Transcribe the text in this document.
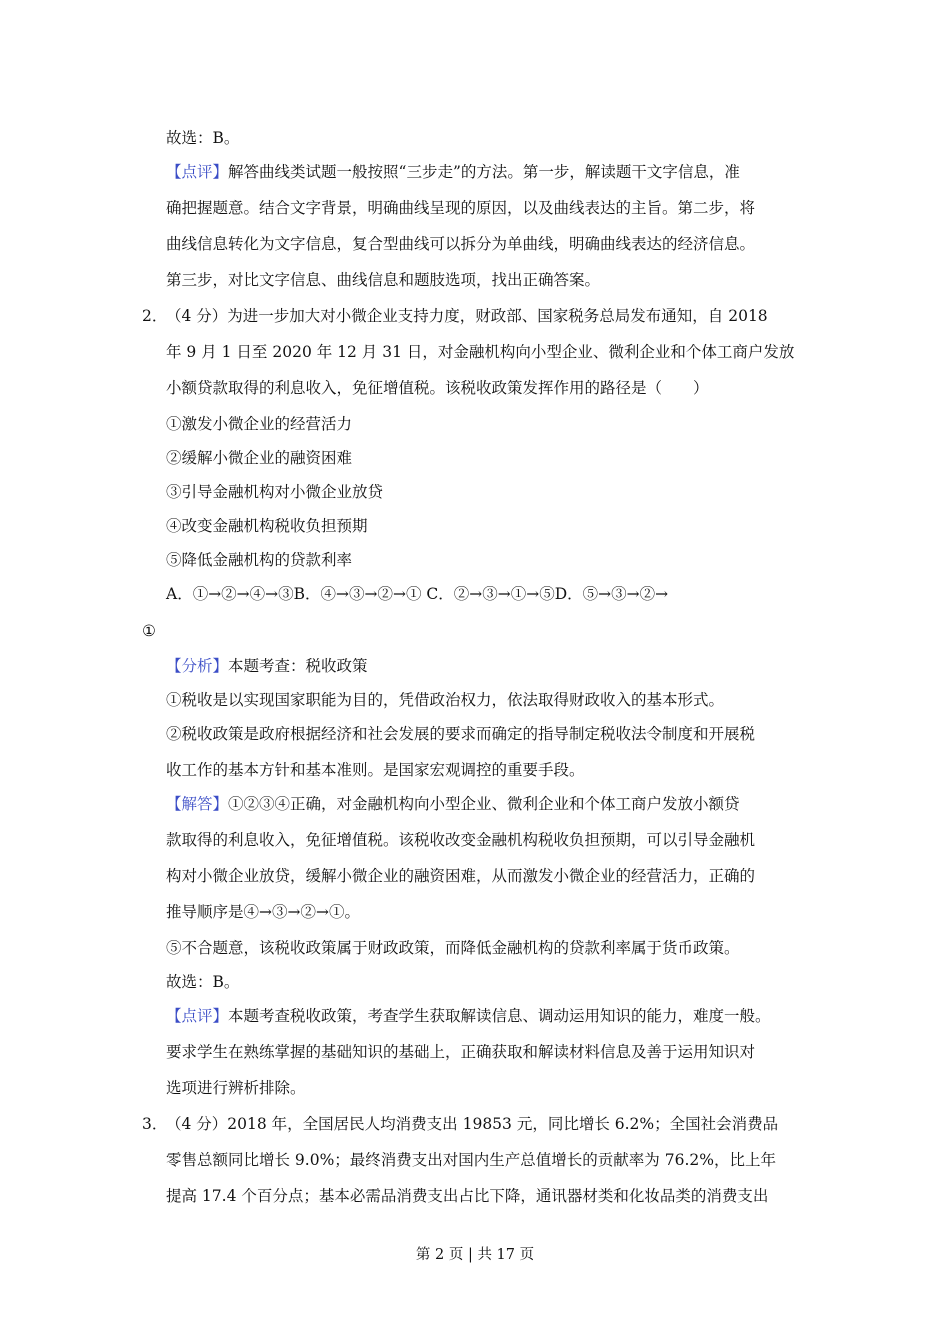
故选：B。
【点评】解答曲线类试题一般按照“三步走”的方法。第一步，解读题干文字信息，准
确把握题意。结合文字背景，明确曲线呈现的原因，以及曲线表达的主旨。第二步，将
曲线信息转化为文字信息，复合型曲线可以拆分为单曲线，明确曲线表达的经济信息。
第三步，对比文字信息、曲线信息和题肢选项，找出正确答案。
2．
（4 分）为进一步加大对小微企业支持力度，财政部、国家税务总局发布通知，自 2018
年 9 月 1 日至 2020 年 12 月 31 日，对金融机构向小型企业、微利企业和个体工商户发放
小额贷款取得的利息收入，免征增值税。该税收政策发挥作用的路径是（　　）
①激发小微企业的经营活力
②缓解小微企业的融资困难
③引导金融机构对小微企业放贷
④改变金融机构税收负担预期
⑤降低金融机构的贷款利率
A．①→②→④→③B．④→③→②→① C．②→③→①→⑤D．⑤→③→②→
①
【分析】本题考查：税收政策
①税收是以实现国家职能为目的，凭借政治权力，依法取得财政收入的基本形式。
②税收政策是政府根据经济和社会发展的要求而确定的指导制定税收法令制度和开展税
收工作的基本方针和基本准则。是国家宏观调控的重要手段。
【解答】①②③④正确，对金融机构向小型企业、微利企业和个体工商户发放小额贷
款取得的利息收入，免征增值税。该税收改变金融机构税收负担预期，可以引导金融机
构对小微企业放贷，缓解小微企业的融资困难，从而激发小微企业的经营活力，正确的
推导顺序是④→③→②→①。
⑤不合题意，该税收政策属于财政政策，而降低金融机构的贷款利率属于货币政策。
故选：B。
【点评】本题考查税收政策，考查学生获取解读信息、调动运用知识的能力，难度一般。
要求学生在熟练掌握的基础知识的基础上，正确获取和解读材料信息及善于运用知识对
选项进行辨析排除。
3．
（4 分）2018 年，全国居民人均消费支出 19853 元，同比增长 6.2%；全国社会消费品
零售总额同比增长 9.0%；最终消费支出对国内生产总值增长的贡献率为 76.2%，比上年
提高 17.4 个百分点；基本必需品消费支出占比下降，通讯器材类和化妆品类的消费支出
第 2 页 | 共 17 页
